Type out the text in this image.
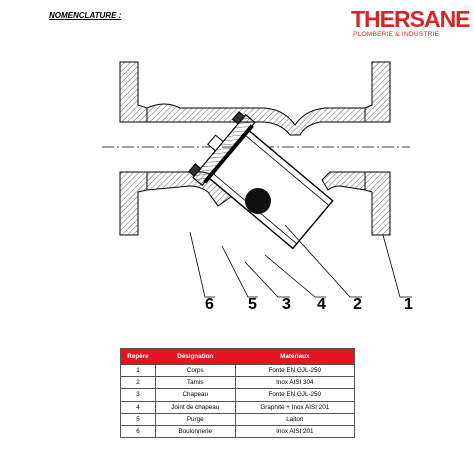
NOMENCLATURE :	THERSANE
PLOMBERIE & INDUSTRIE
6 5 3 4 2	1
Repère	Désignation	Matériaux
1	Corps	Fonte EN GJL-250
2	Tamis	Inox AISI 304
3	Chapeau	Fonte EN GJL-250
4	Joint de chapeau	Graphite + Inox AISI 201
5	Purge	Laiton
6	Boulonnerie	Inox AISI 201
